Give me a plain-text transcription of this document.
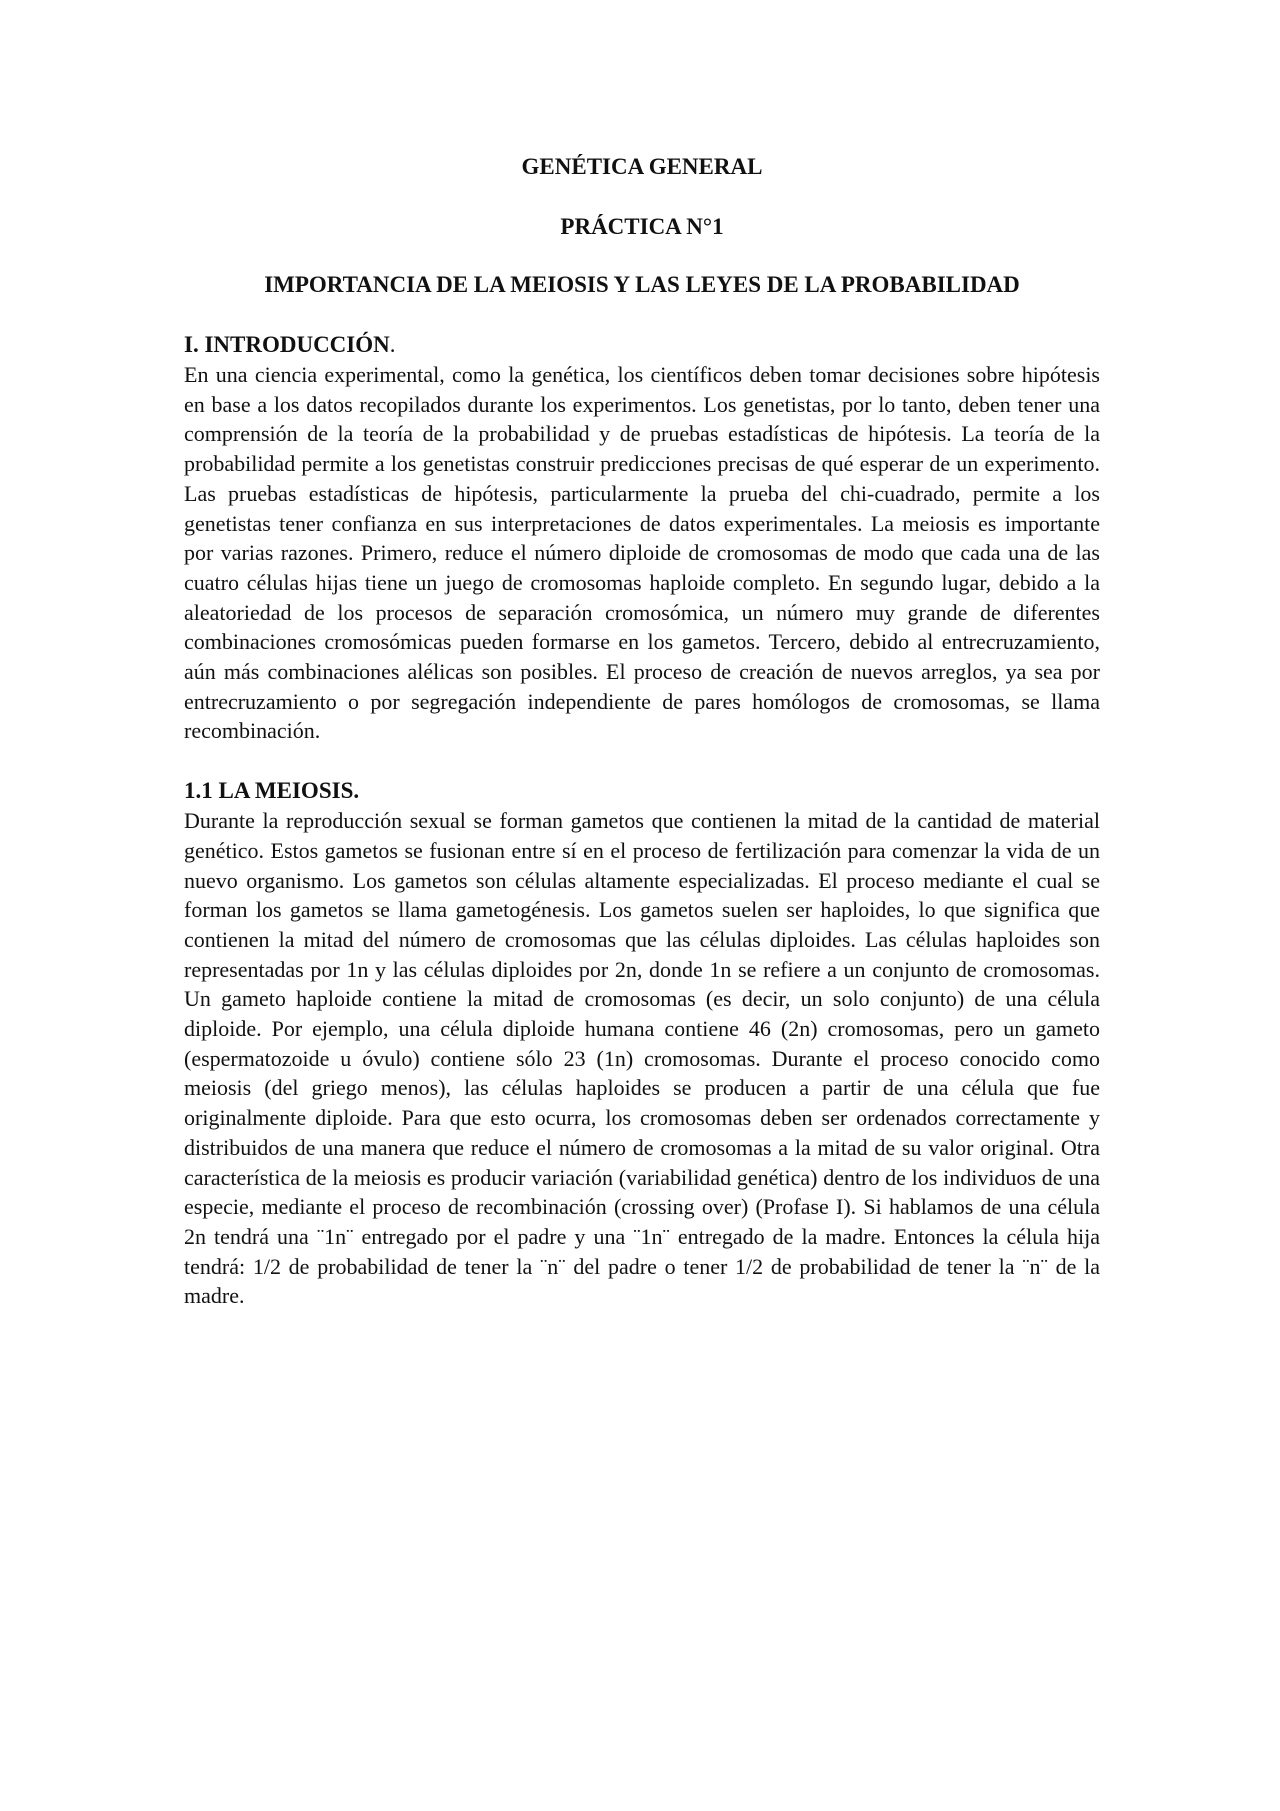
GENÉTICA GENERAL

PRÁCTICA N°1

IMPORTANCIA DE LA MEIOSIS Y LAS LEYES DE LA PROBABILIDAD

I. INTRODUCCIÓN.

En una ciencia experimental, como la genética, los científicos deben tomar decisiones sobre hipótesis en base a los datos recopilados durante los experimentos. Los genetistas, por lo tanto, deben tener una comprensión de la teoría de la probabilidad y de pruebas estadísticas de hipótesis. La teoría de la probabilidad permite a los genetistas construir predicciones precisas de qué esperar de un experimento. Las pruebas estadísticas de hipótesis, particularmente la prueba del chi-cuadrado, permite a los genetistas tener confianza en sus interpretaciones de datos experimentales. La meiosis es importante por varias razones. Primero, reduce el número diploide de cromosomas de modo que cada una de las cuatro células hijas tiene un juego de cromosomas haploide completo. En segundo lugar, debido a la aleatoriedad de los procesos de separación cromosómica, un número muy grande de diferentes combinaciones cromosómicas pueden formarse en los gametos. Tercero, debido al entrecruzamiento, aún más combinaciones alélicas son posibles. El proceso de creación de nuevos arreglos, ya sea por entrecruzamiento o por segregación independiente de pares homólogos de cromosomas, se llama recombinación.

1.1 LA MEIOSIS.

Durante la reproducción sexual se forman gametos que contienen la mitad de la cantidad de material genético. Estos gametos se fusionan entre sí en el proceso de fertilización para comenzar la vida de un nuevo organismo. Los gametos son células altamente especializadas. El proceso mediante el cual se forman los gametos se llama gametogénesis. Los gametos suelen ser haploides, lo que significa que contienen la mitad del número de cromosomas que las células diploides. Las células haploides son representadas por 1n y las células diploides por 2n, donde 1n se refiere a un conjunto de cromosomas. Un gameto haploide contiene la mitad de cromosomas (es decir, un solo conjunto) de una célula diploide. Por ejemplo, una célula diploide humana contiene 46 (2n) cromosomas, pero un gameto (espermatozoide u óvulo) contiene sólo 23 (1n) cromosomas. Durante el proceso conocido como meiosis (del griego menos), las células haploides se producen a partir de una célula que fue originalmente diploide. Para que esto ocurra, los cromosomas deben ser ordenados correctamente y distribuidos de una manera que reduce el número de cromosomas a la mitad de su valor original. Otra característica de la meiosis es producir variación (variabilidad genética) dentro de los individuos de una especie, mediante el proceso de recombinación (crossing over) (Profase I). Si hablamos de una célula 2n tendrá una ¨1n¨ entregado por el padre y una ¨1n¨ entregado de la madre. Entonces la célula hija tendrá: 1/2 de probabilidad de tener la ¨n¨ del padre o tener 1/2 de probabilidad de tener la ¨n¨ de la madre.
